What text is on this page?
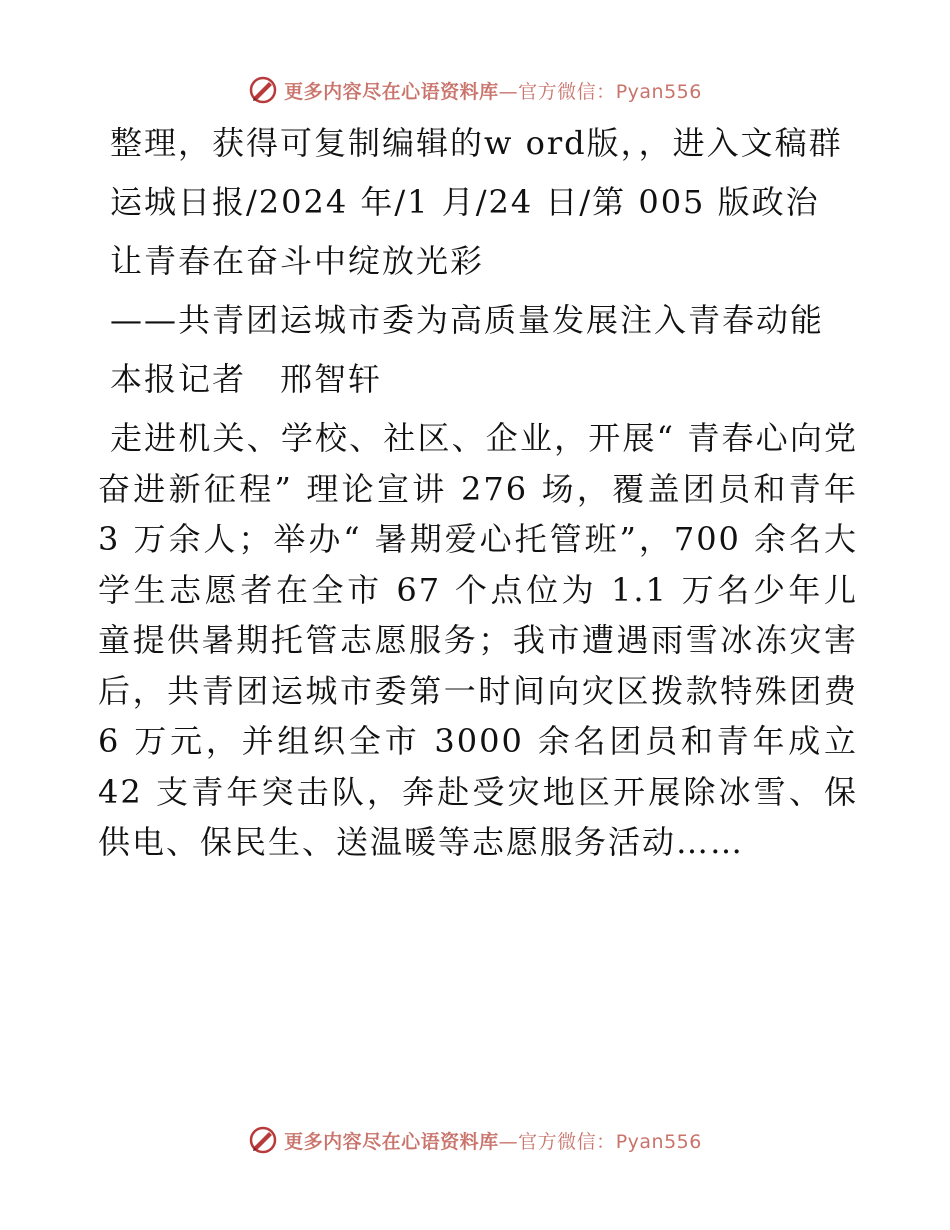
更多内容尽在心语资料库—官方微信：Pyan556

整理，获得可复制编辑的w ord版，，进入文稿群

运城日报/2024 年/1 月/24 日/第 005 版政治

让青春在奋斗中绽放光彩

——共青团运城市委为高质量发展注入青春动能

本报记者　邢智轩

走进机关、学校、社区、企业，开展“ 青春心向党 奋进新征程” 理论宣讲 276 场，覆盖团员和青年 3 万余人；举办“ 暑期爱心托管班”，700 余名大学生志愿者在全市 67 个点位为 1.1 万名少年儿童提供暑期托管志愿服务；我市遭遇雨雪冰冻灾害后，共青团运城市委第一时间向灾区拨款特殊团费 6 万元，并组织全市 3000 余名团员和青年成立 42 支青年突击队，奔赴受灾地区开展除冰雪、保供电、保民生、送温暖等志愿服务活动……

更多内容尽在心语资料库—官方微信：Pyan556
